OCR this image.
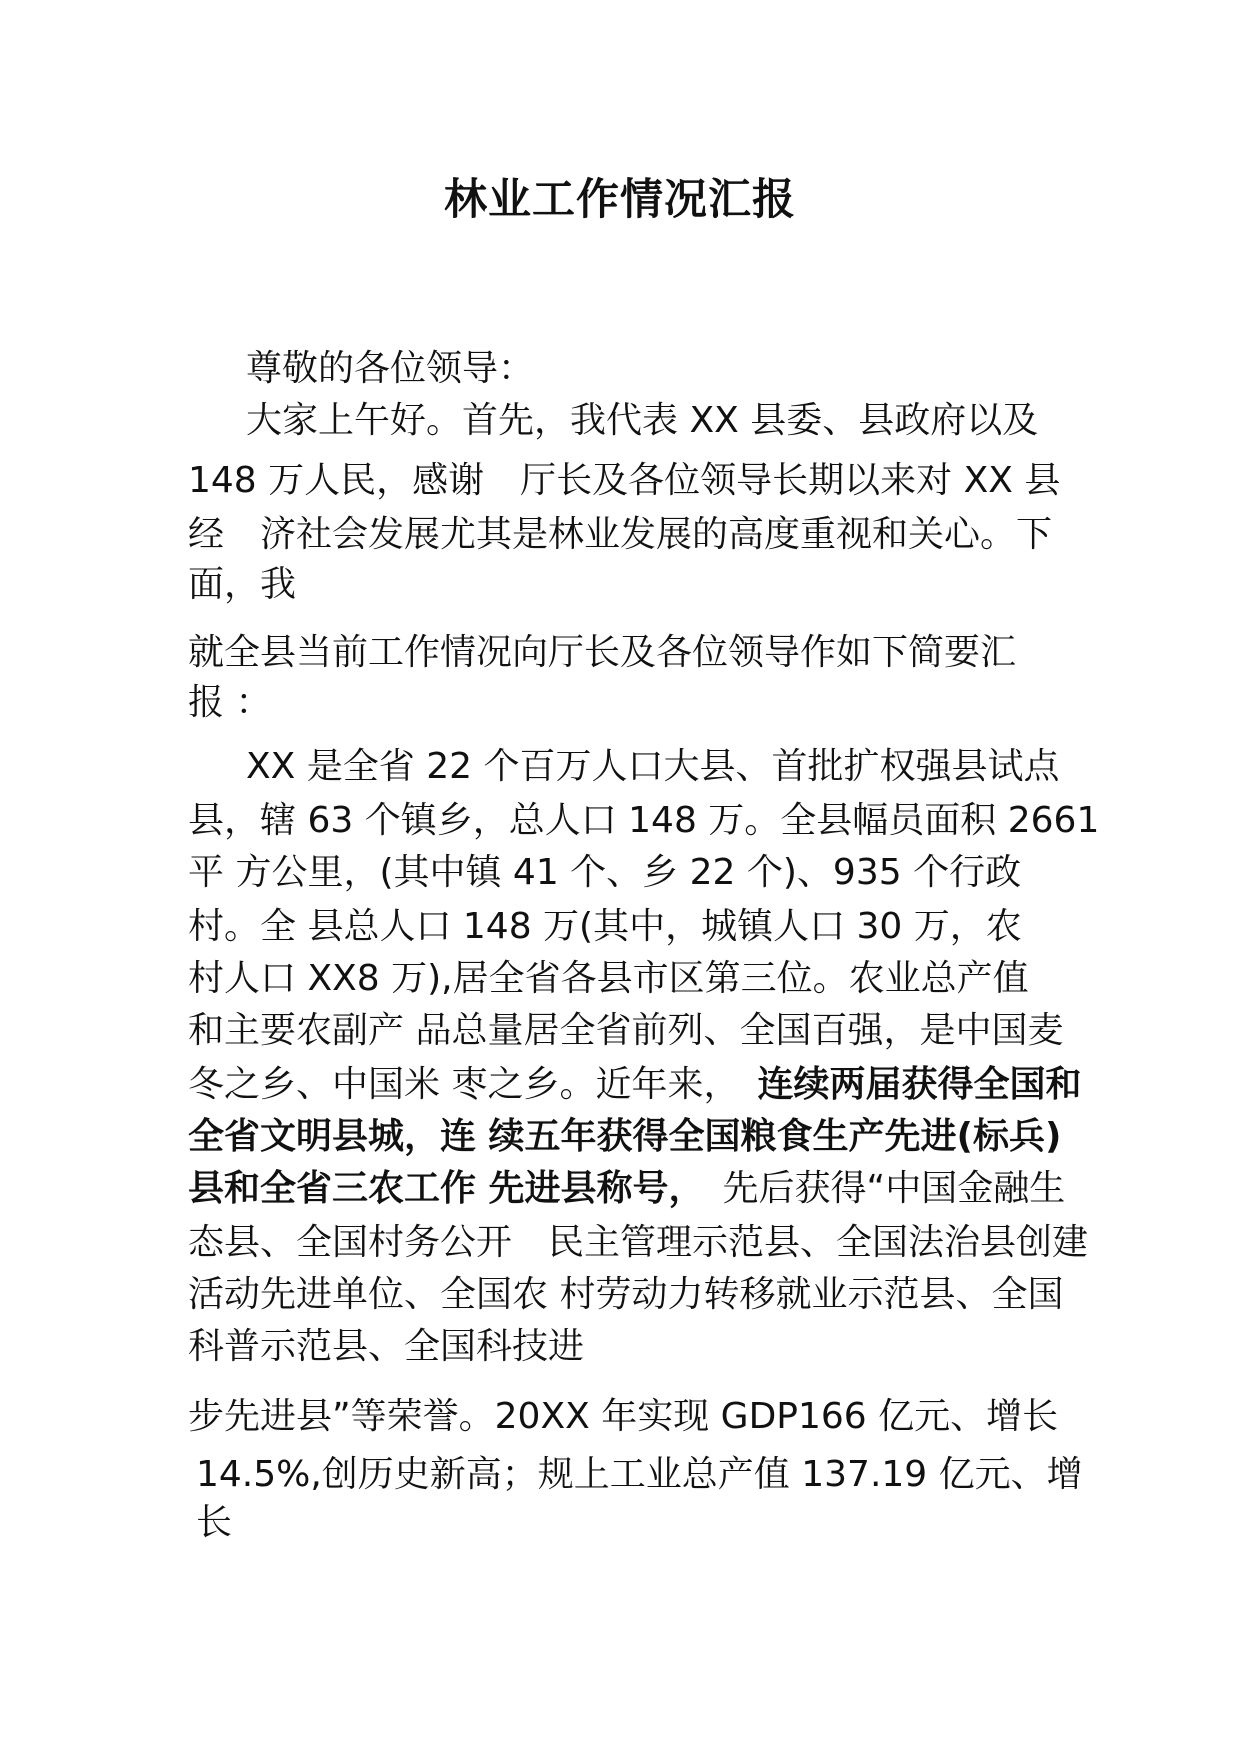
林业工作情况汇报

尊敬的各位领导：

大家上午好。首先，我代表 XX 县委、县政府以及

148 万人民，感谢　厅长及各位领导长期以来对 XX 县

经　济社会发展尤其是林业发展的高度重视和关心。下

面，我

就全县当前工作情况向厅长及各位领导作如下简要汇

报 ：

XX 是全省 22 个百万人口大县、首批扩权强县试点

县，辖 63 个镇乡，总人口 148 万。全县幅员面积 2661

平 方公里，(其中镇 41 个、乡 22 个)、935 个行政

村。全 县总人口 148 万(其中，城镇人口 30 万，农

村人口 XX8 万),居全省各县市区第三位。农业总产值

和主要农副产 品总量居全省前列、全国百强，是中国麦

冬之乡、中国米 枣之乡。近年来，　连续两届获得全国和

全省文明县城，连 续五年获得全国粮食生产先进(标兵)

县和全省三农工作 先进县称号，　先后获得“中国金融生

态县、全国村务公开　民主管理示范县、全国法治县创建

活动先进单位、全国农 村劳动力转移就业示范县、全国

科普示范县、全国科技进

步先进县”等荣誉。20XX 年实现 GDP166 亿元、增长

14.5%,创历史新高；规上工业总产值 137.19 亿元、增

长
